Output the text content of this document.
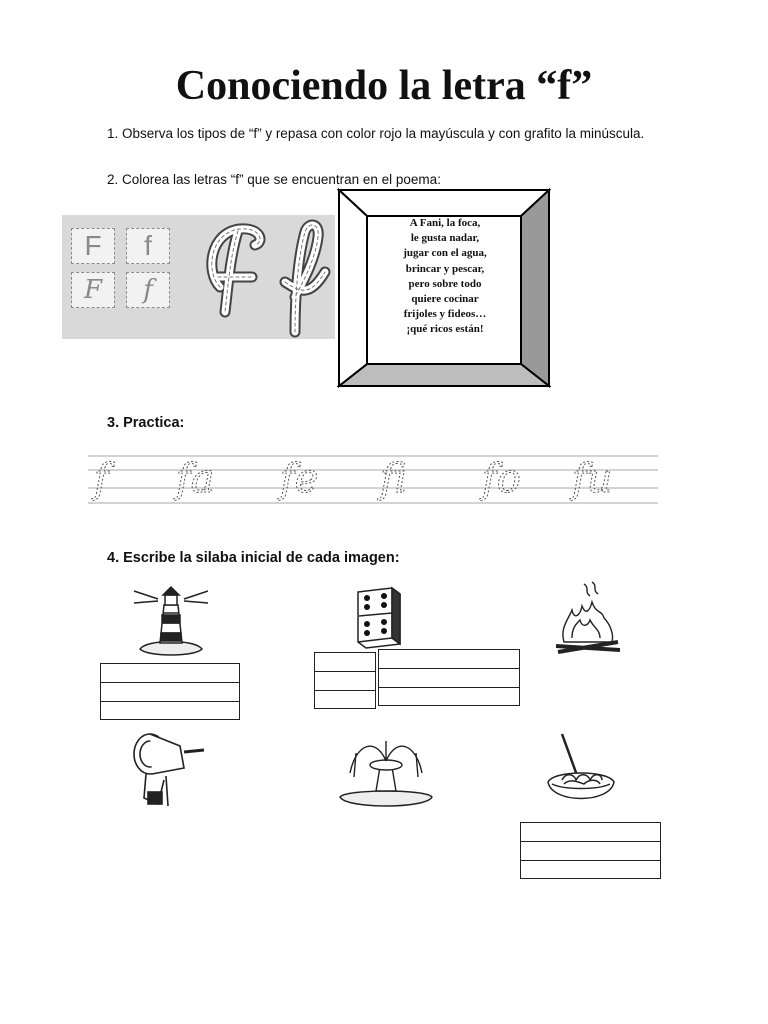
Conociendo la letra “f”
1. Observa los tipos de “f” y repasa con color rojo la mayúscula y con grafito la minúscula.
2. Colorea las letras “f” que se encuentran en el poema:
F	f
F	f
A Fani, la foca,
le gusta nadar,
jugar con el agua,
brincar y pescar,
pero sobre todo
quiere cocinar
frijoles y fideos…
¡qué ricos están!
3. Practica:
f fa fe fi fo fu
4. Escribe la silaba inicial de cada imagen:
